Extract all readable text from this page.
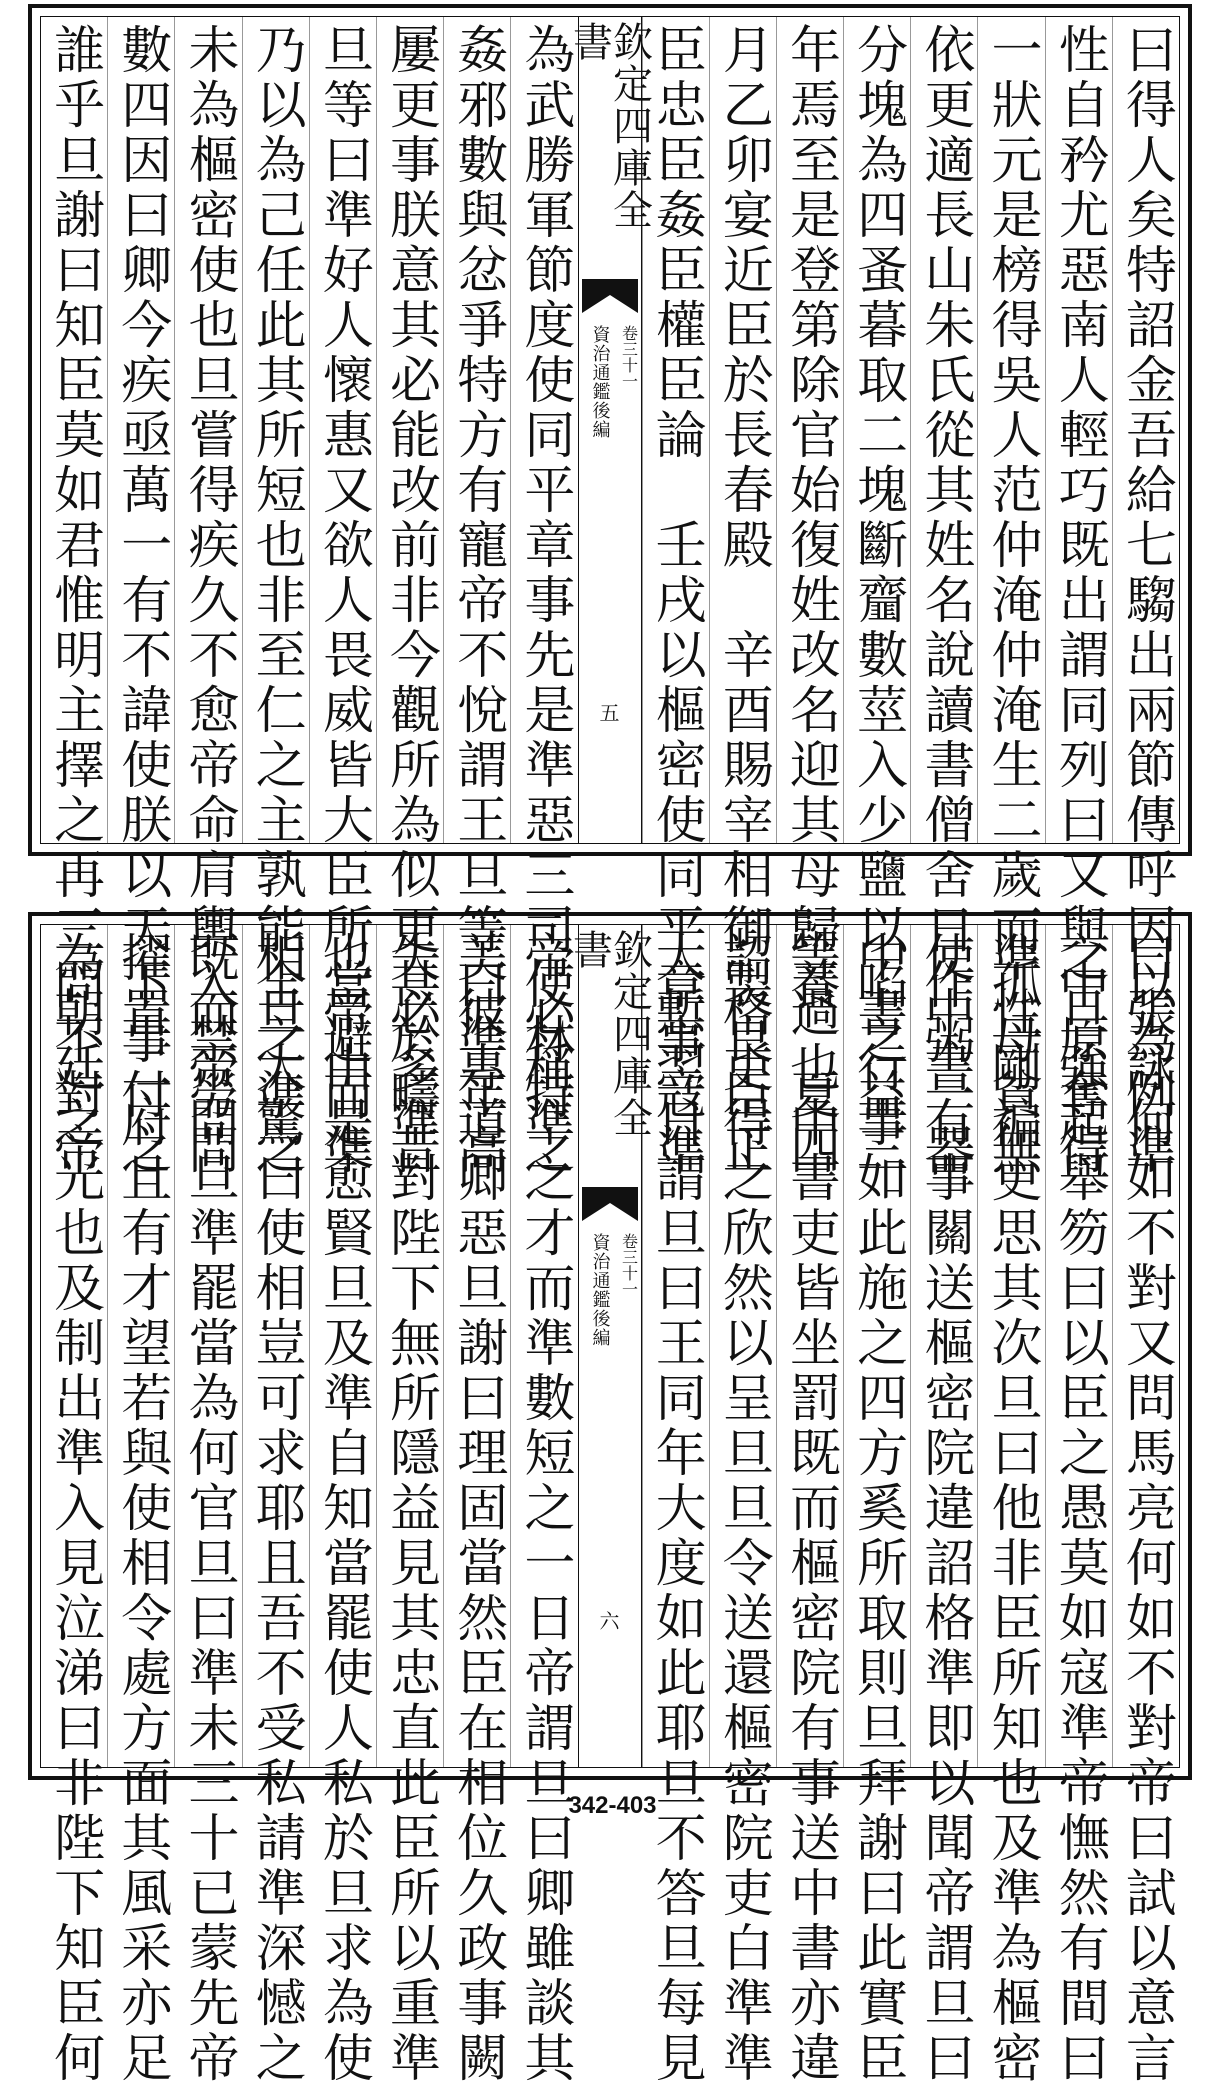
曰得人矣特詔金吾給七騶出兩節傳呼因以為例準
性自矜尤惡南人輕巧既出謂同列曰又與中原奪得
一狀元是榜得吳人范仲淹仲淹生二歲而孤母貧無
依更適長山朱氏從其姓名說讀書僧舍日作粥一器
分塊為四蚤暮取二塊斷齏數莖入少鹽以啗之益三
年焉至是登第除官始復姓改名迎其母歸養　夏四
月乙卯宴近臣於長春殿　辛酉賜宰相御製良臣正
臣忠臣姦臣權臣論　壬戌以樞密使同平章事寇準
欽定四庫全書
資治通鑑後編 卷三十一
五
為武勝軍節度使同平章事先是準惡三司使林特之
姦邪數與忿爭特方有寵帝不悅謂王旦等曰準年高
屢更事朕意其必能改前非今觀所為似更甚於疇昔
旦等曰準好人懷惠又欲人畏威皆大臣所當避而準
乃以為己任此其所短也非至仁之主孰能全之準之
未為樞密使也旦嘗得疾久不愈帝命肩輿入禁勞問
數四因曰卿今疾亟萬一有不諱使朕以天下事付之
誰乎旦謝曰知臣莫如君惟明主擇之再三問不對帝
曰張詠何如不對又問馬亮何如不對帝曰試以意言
之旦強起舉笏曰以臣之愚莫如寇準帝憮然有間曰
準性剛褊更思其次旦曰他非臣所知也及準為樞密
使中書有事關送樞密院違詔格準即以聞帝謂旦曰
中書行事如此施之四方奚所取則旦拜謝曰此實臣
等過也中書吏皆坐罰既而樞密院有事送中書亦違
詔格吏得之欣然以呈旦旦令送還樞密院吏白準準
大慙翌日謂旦曰王同年大度如此耶旦不答旦每見
欽定四庫全書
資治通鑑後編 卷三十一
六
帝必稱準之才而準數短之一日帝謂旦曰卿雖談其
美彼專道卿惡旦謝曰理固當然臣在相位久政事闕
失必多準對陛下無所隱益見其忠直此臣所以重準
也帝由是愈賢旦及準自知當罷使人私於旦求為使
相旦大驚曰使相豈可求耶且吾不受私請準深憾之
既而帝問旦準罷當為何官旦曰準未三十已蒙先帝
擢置二府且有才望若與使相令處方面其風采亦足
為朝廷之光也及制出準入見泣涕曰非陛下知臣何	342-403
